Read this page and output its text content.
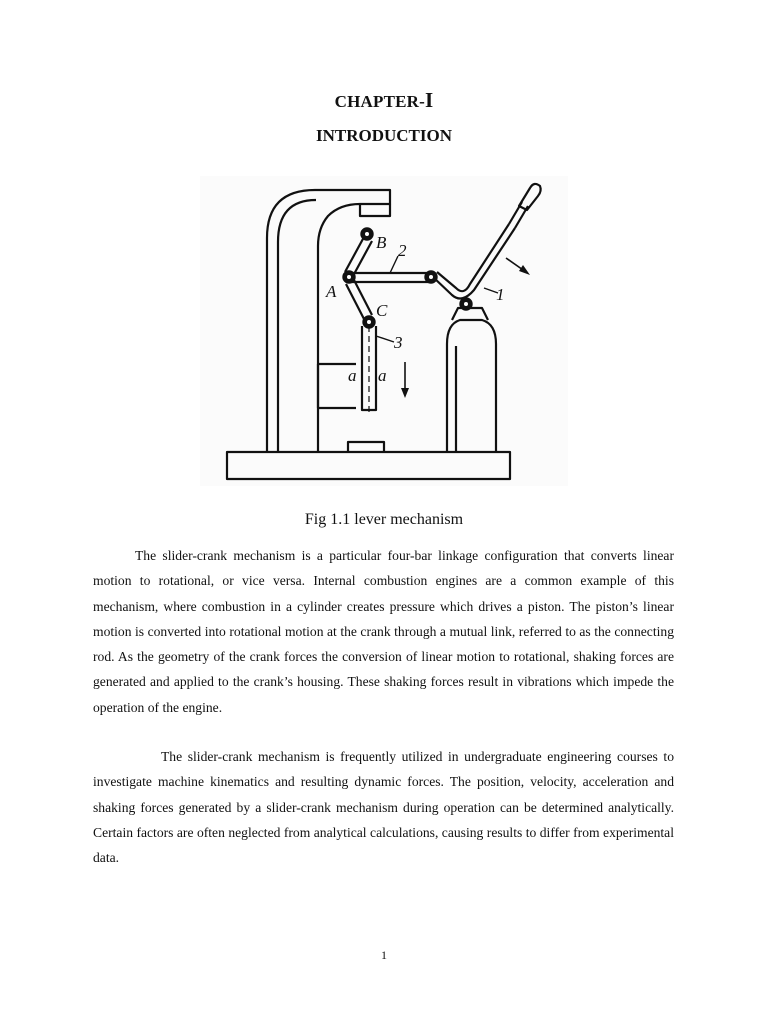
CHAPTER-I
INTRODUCTION
B 2
A	1
C
3
a a
Fig 1.1 lever mechanism

The slider-crank mechanism is a particular four-bar linkage configuration that converts linear motion to rotational, or vice versa. Internal combustion engines are a common example of this mechanism, where combustion in a cylinder creates pressure which drives a piston. The piston’s linear motion is converted into rotational motion at the crank through a mutual link, referred to as the connecting rod. As the geometry of the crank forces the conversion of linear motion to rotational, shaking forces are generated and applied to the crank’s housing. These shaking forces result in vibrations which impede the operation of the engine.

The slider-crank mechanism is frequently utilized in undergraduate engineering courses to investigate machine kinematics and resulting dynamic forces. The position, velocity, acceleration and shaking forces generated by a slider-crank mechanism during operation can be determined analytically. Certain factors are often neglected from analytical calculations, causing results to differ from experimental data.

1
